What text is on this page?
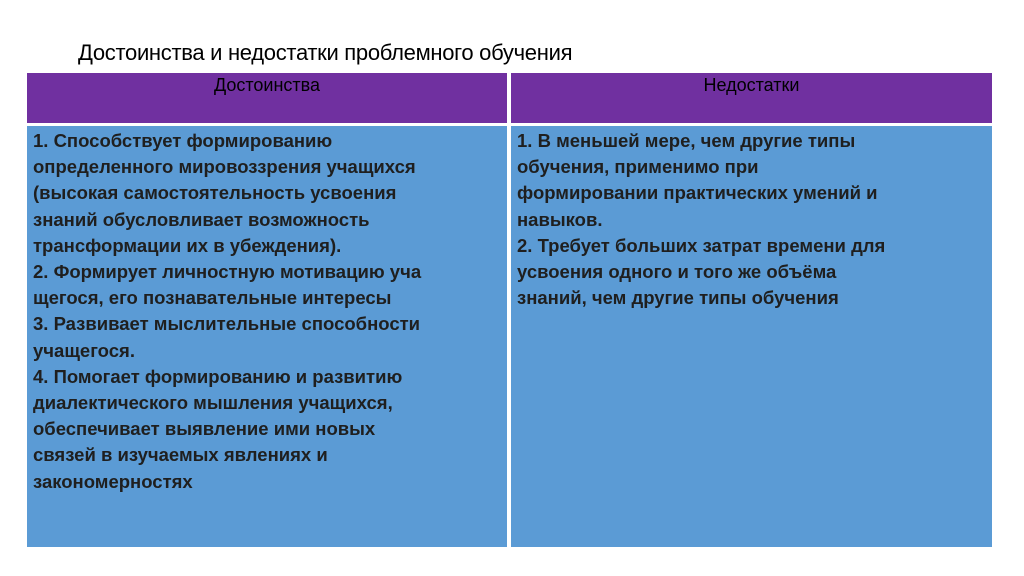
Достоинства и недостатки проблемного обучения
Достоинства	Недостатки
1. Способствует формированию
определенного мировоззрения учащихся
(высокая самостоятельность усвоения
знаний обусловливает возможность
трансформации их в убеждения).
2. Формирует личностную мотивацию уча
щегося, его познавательные интересы
3. Развивает мыслительные способности
учащегося.
4. Помогает формированию и развитию
диалектического мышления учащихся,
обеспечивает выявление ими новых
связей в изучаемых явлениях и
закономерностях
1. В меньшей мере, чем другие типы
обучения, применимо при
формировании практических умений и
навыков.
2. Требует больших затрат времени для
усвоения одного и того же объёма
знаний, чем другие типы обучения
